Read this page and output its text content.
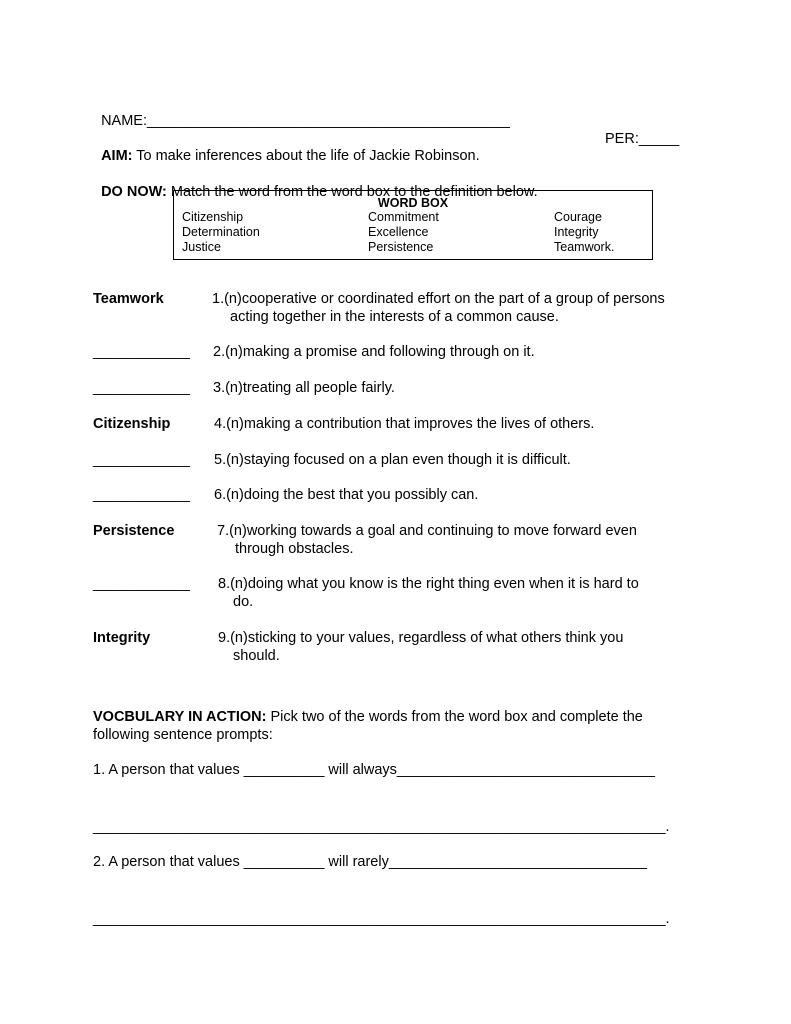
NAME:_____________________________________________

PER:_____

AIM: To make inferences about the life of Jackie Robinson.

DO NOW: Match the word from the word box to the definition below.

WORD BOX
Citizenship	Commitment	Courage
Determination	Excellence	Integrity
Justice	Persistence	Teamwork.
Teamwork	1.(n)cooperative or coordinated effort on the part of a group of persons
acting together in the interests of a common cause.
____________ 2.(n)making a promise and following through on it.
____________ 3.(n)treating all people fairly.
Citizenship	4.(n)making a contribution that improves the lives of others.
____________ 5.(n)staying focused on a plan even though it is difficult.
____________ 6.(n)doing the best that you possibly can.
Persistence	7.(n)working towards a goal and continuing to move forward even
through obstacles.
____________ 8.(n)doing what you know is the right thing even when it is hard to
do.
Integrity	9.(n)sticking to your values, regardless of what others think you
should.
VOCBULARY IN ACTION: Pick two of the words from the word box and complete the following sentence prompts:
1. A person that values __________ will always________________________________
_______________________________________________________________________.
2. A person that values __________ will rarely________________________________
_______________________________________________________________________.
